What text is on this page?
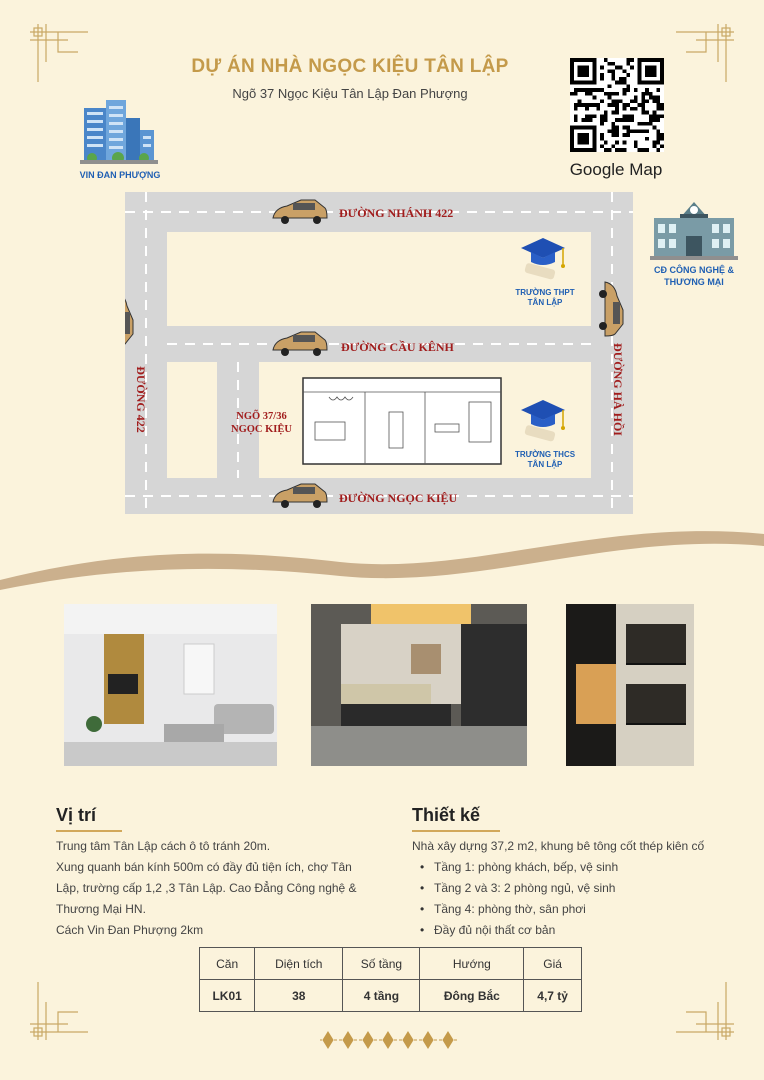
DỰ ÁN NHÀ NGỌC KIỆU TÂN LẬP
Ngõ 37 Ngọc Kiệu Tân Lập Đan Phượng
Google Map
VIN ĐAN PHƯỢNG
CĐ CÔNG NGHỆ &
THƯƠNG MẠI
ĐƯỜNG NHÁNH 422
ĐƯỜNG CẦU KÊNH
ĐƯỜNG NGỌC KIỆU
ĐƯỜNG 422	ĐƯỜNG HÀ HỒI
NGÕ 37/36
NGỌC KIỆU
TRƯỜNG THPT
TÂN LẬP
TRƯỜNG THCS
TÂN LẬP
Vị trí
Trung tâm Tân Lập cách ô tô tránh 20m.
Xung quanh bán kính 500m có đầy đủ tiện ích, chợ Tân
Lập, trường cấp 1,2 ,3 Tân Lập. Cao Đẳng Công nghệ &
Thương Mại HN.
Cách Vin Đan Phượng 2km
Thiết kế
Nhà xây dựng 37,2 m2, khung bê tông cốt thép kiên cố
• Tầng 1: phòng khách, bếp, vệ sinh
• Tầng 2 và 3: 2 phòng ngủ, vệ sinh
• Tầng 4: phòng thờ, sân phơi
• Đầy đủ nội thất cơ bản
Căn	Diện tích	Số tầng	Hướng	Giá
LK01	38	4 tầng	Đông Bắc	4,7 tỷ
